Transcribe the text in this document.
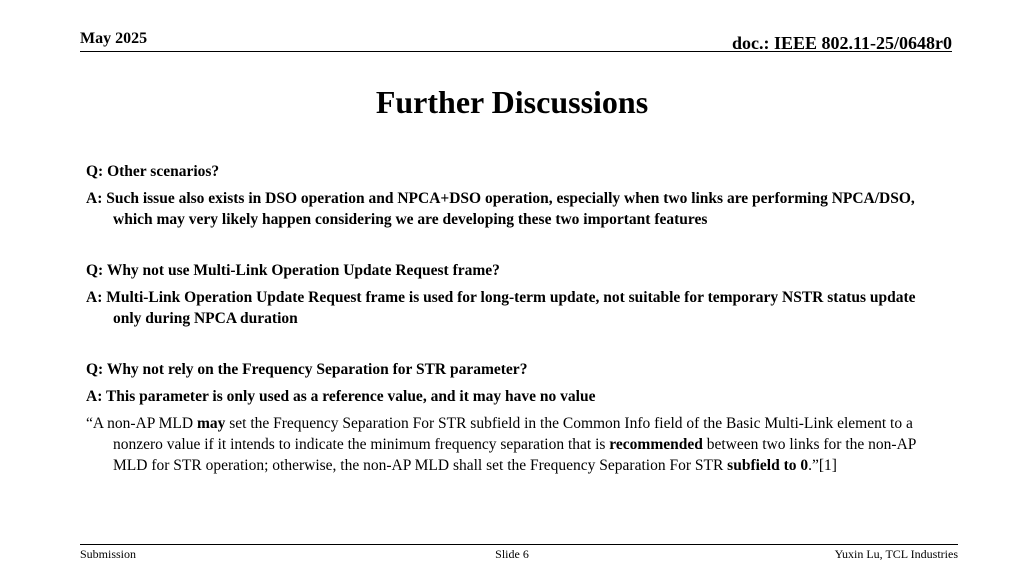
May 2025	doc.: IEEE 802.11-25/0648r0
Further Discussions

Q: Other scenarios?

A: Such issue also exists in DSO operation and NPCA+DSO operation, especially when two links are performing NPCA/DSO, which may very likely happen considering we are developing these two important features

Q: Why not use Multi-Link Operation Update Request frame?

A: Multi-Link Operation Update Request frame is used for long-term update, not suitable for temporary NSTR status update only during NPCA duration

Q: Why not rely on the Frequency Separation for STR parameter?

A: This parameter is only used as a reference value, and it may have no value

“A non-AP MLD may set the Frequency Separation For STR subfield in the Common Info field of the Basic Multi-Link element to a nonzero value if it intends to indicate the minimum frequency separation that is recommended between two links for the non-AP MLD for STR operation; otherwise, the non-AP MLD shall set the Frequency Separation For STR subfield to 0.”[1]

Submission	Slide 6	Yuxin Lu, TCL Industries
